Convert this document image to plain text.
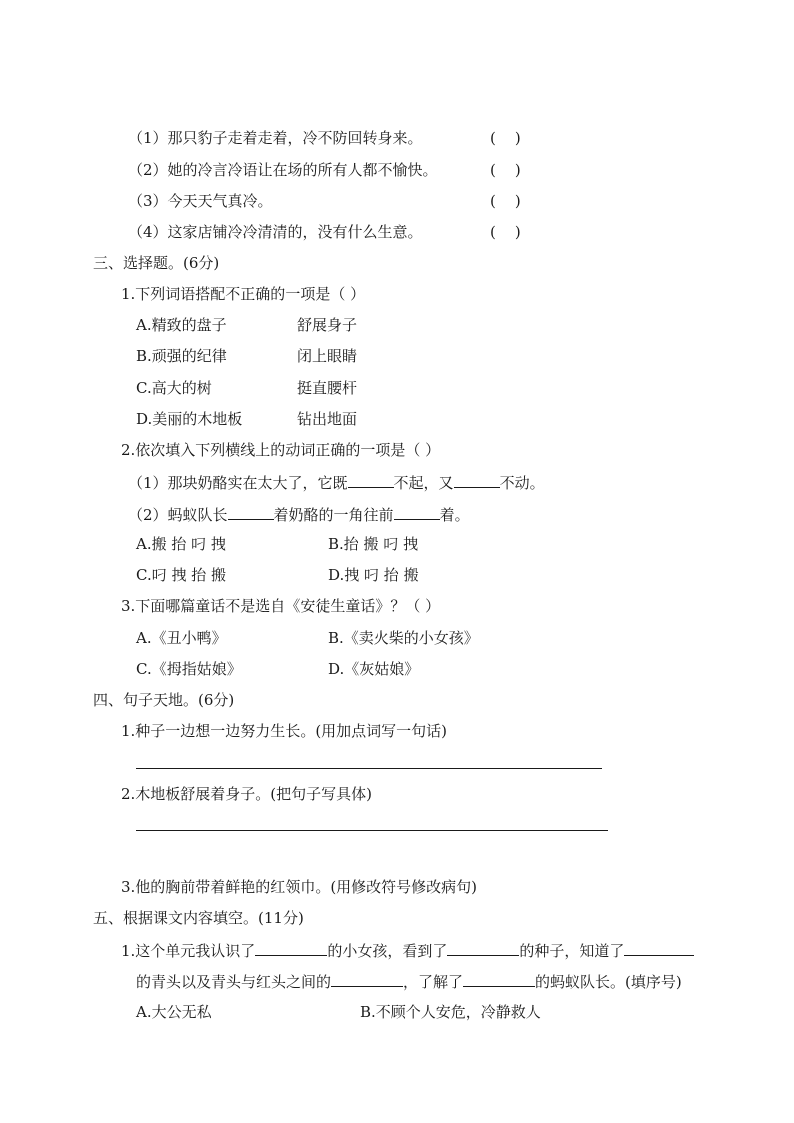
（1）那只豹子走着走着，冷不防回转身来。	(    )
（2）她的冷言冷语让在场的所有人都不愉快。	(    )
（3）今天天气真冷。	(    )
（4）这家店铺冷冷清清的，没有什么生意。	(    )
三、选择题。(6分)
1.下列词语搭配不正确的一项是（ ）
A.精致的盘子	舒展身子
B.顽强的纪律	闭上眼睛
C.高大的树	挺直腰杆
D.美丽的木地板	钻出地面
2.依次填入下列横线上的动词正确的一项是（ ）
（1）那块奶酪实在太大了，它既	不起，又	不动。
（2）蚂蚁队长	着奶酪的一角往前	着。
A.搬 抬 叼 拽	B.抬 搬 叼 拽
C.叼 拽 抬 搬	D.拽 叼 抬 搬
3.下面哪篇童话不是选自《安徒生童话》？（ ）
A.《丑小鸭》	B.《卖火柴的小女孩》
C.《拇指姑娘》	D.《灰姑娘》
四、句子天地。(6分)
1.种子一边想一边努力生长。(用加点词写一句话)
2.木地板舒展着身子。(把句子写具体)
3.他的胸前带着鲜艳的红领巾。(用修改符号修改病句)
五、根据课文内容填空。(11分)
1.这个单元我认识了	的小女孩，看到了	的种子，知道了
的青头以及青头与红头之间的	，了解了	的蚂蚁队长。(填序号)
A.大公无私	B.不顾个人安危，冷静救人
